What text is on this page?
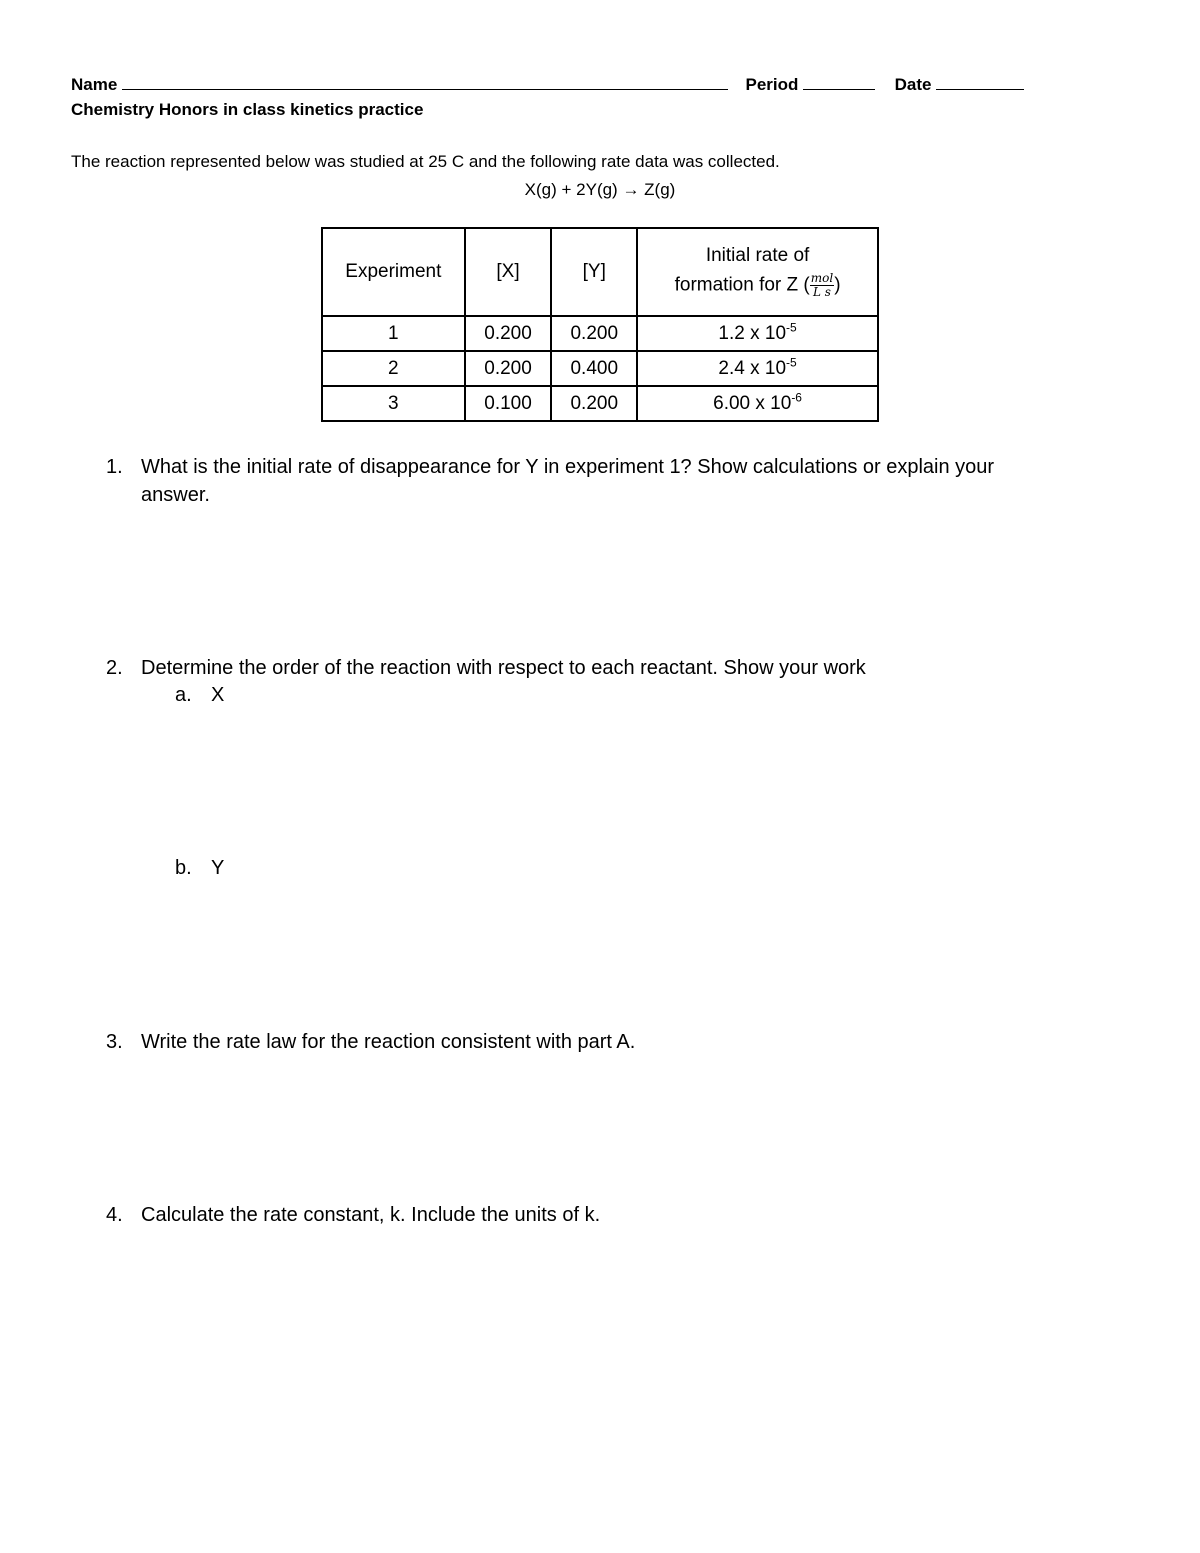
Name	Period	Date
Chemistry Honors in class kinetics practice
The reaction represented below was studied at 25 C and the following rate data was collected.
X(g) + 2Y(g) → Z(g)
Experiment	[X]	[Y]	Initial rate of
formation for Z ( $\frac{\text{mol}}{\text{L s}}$ )

1	0.200	0.200	1.2 x $10^{-5}$
2	0.200	0.400	2.4 x $10^{-5}$
3	0.100	0.200	6.00 x $10^{-6}$
1. What is the initial rate of disappearance for Y in experiment 1? Show calculations or explain your
answer.
2. Determine the order of the reaction with respect to each reactant. Show your work
a. X
b. Y
3. Write the rate law for the reaction consistent with part A.
4. Calculate the rate constant, k. Include the units of k.
